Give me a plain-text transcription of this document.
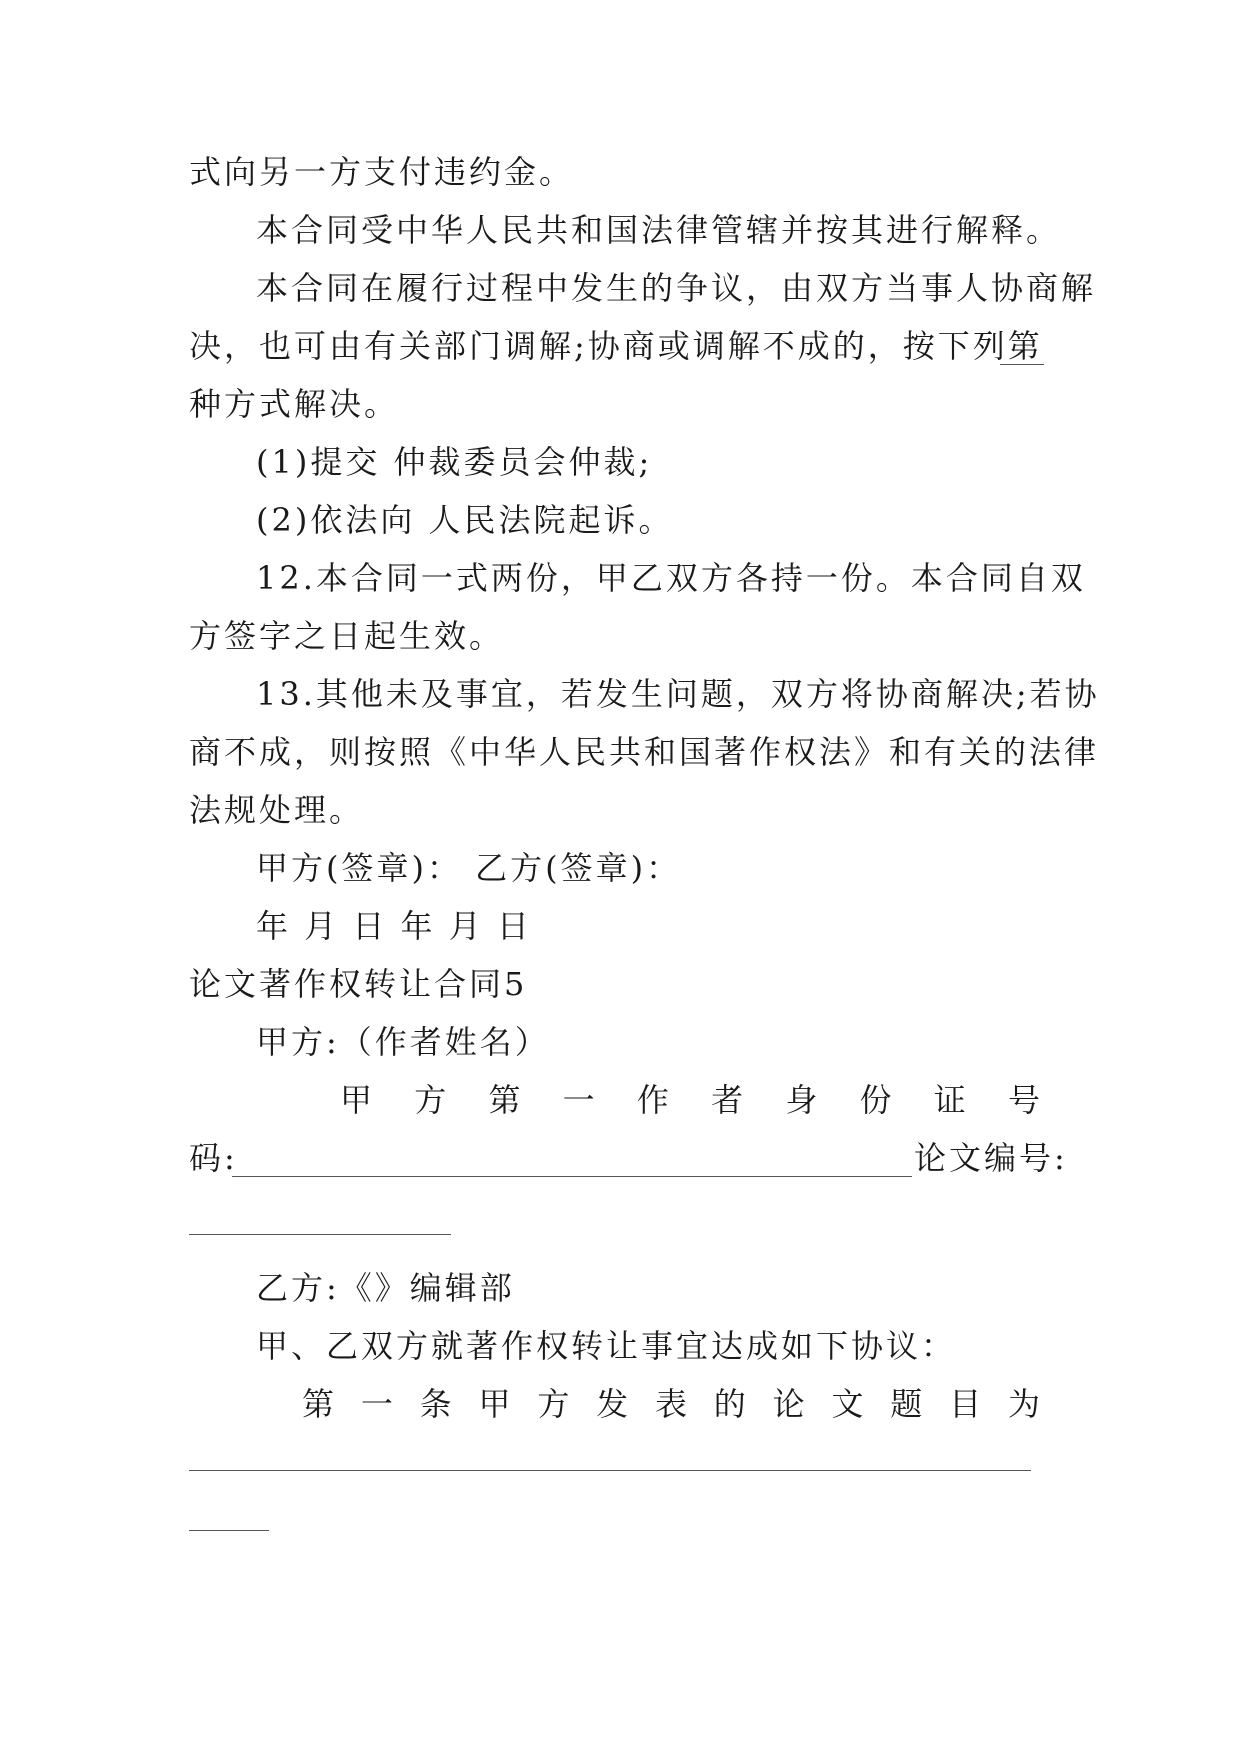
式向另一方支付违约金。
本合同受中华人民共和国法律管辖并按其进行解释。
本合同在履行过程中发生的争议，由双方当事人协商解
决，也可由有关部门调解;协商或调解不成的，按下列第
种方式解决。
(1)提交 仲裁委员会仲裁;
(2)依法向 人民法院起诉。
12.本合同一式两份，甲乙双方各持一份。本合同自双
方签字之日起生效。
13.其他未及事宜，若发生问题，双方将协商解决;若协
商不成，则按照《中华人民共和国著作权法》和有关的法律
法规处理。
甲方(签章)： 乙方(签章)：
年 月 日 年 月 日
论文著作权转让合同5
甲方:（作者姓名）
甲 方 第 一 作 者 身 份 证 号
码:	论文编号:
乙方:《》编辑部
甲、乙双方就著作权转让事宜达成如下协议：
第 一 条 甲 方 发 表 的 论 文 题 目 为
